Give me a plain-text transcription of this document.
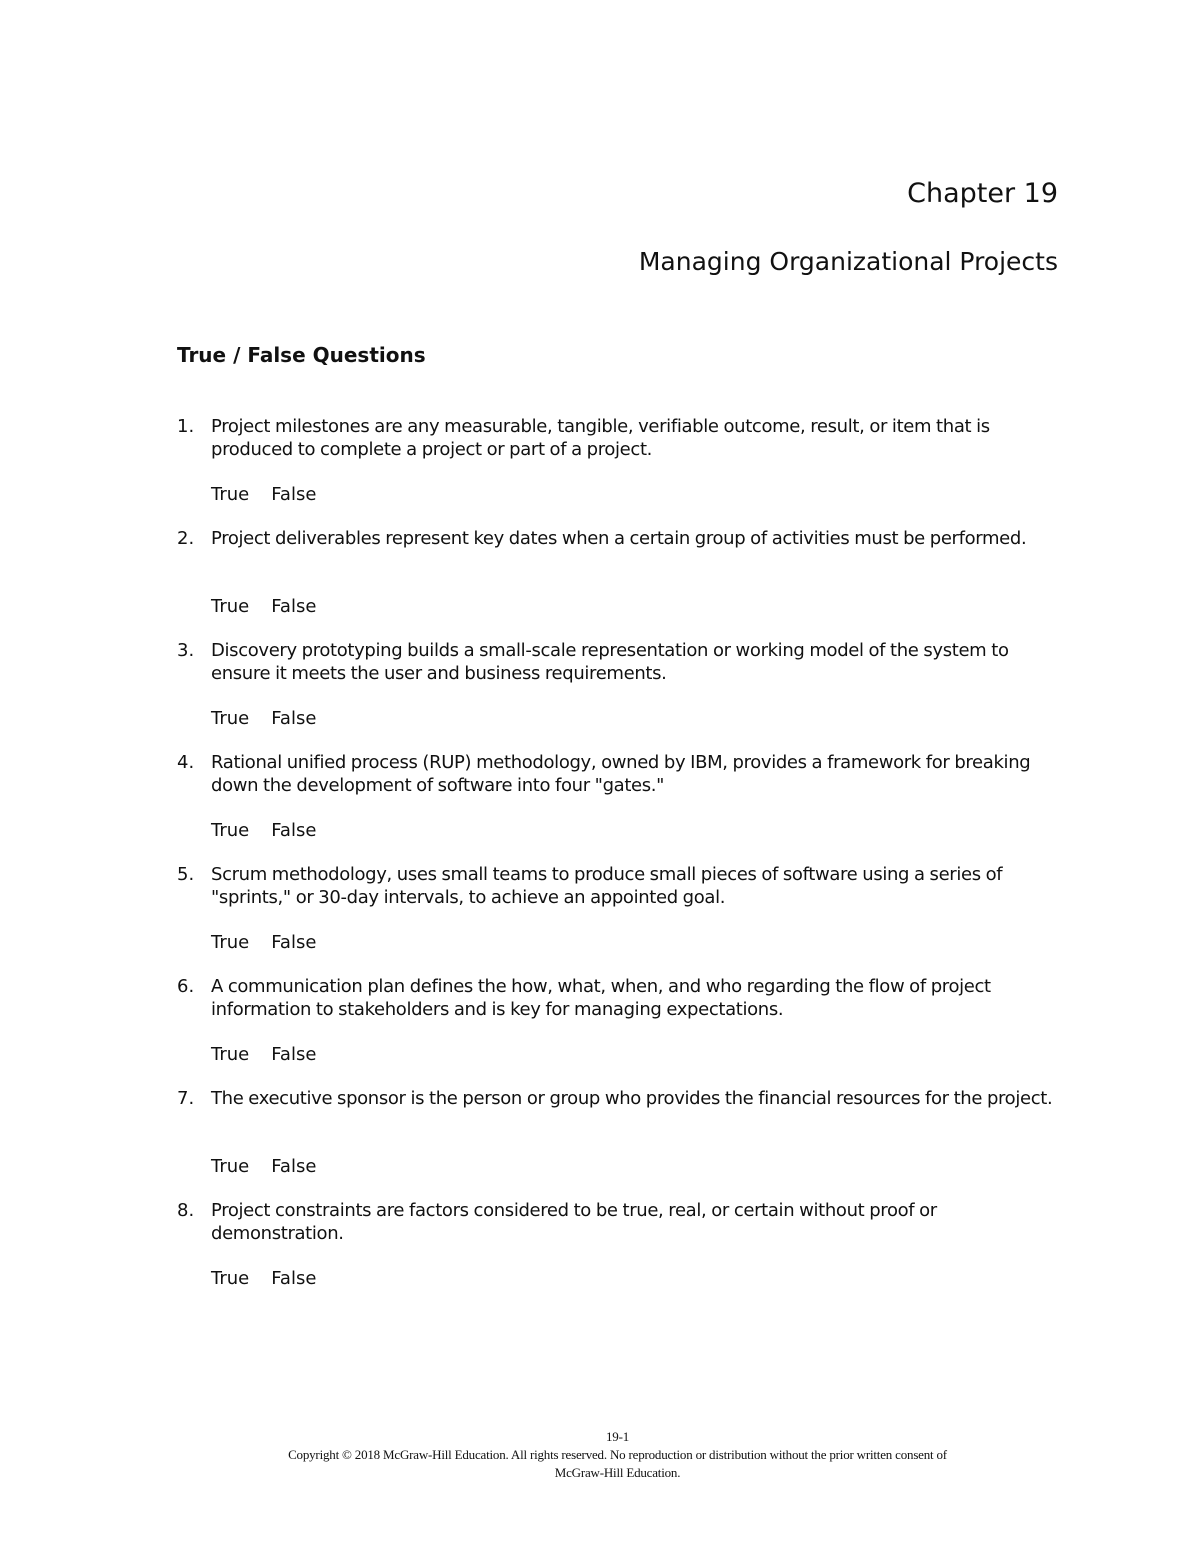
Chapter 19
Managing Organizational Projects
True / False Questions
1. Project milestones are any measurable, tangible, verifiable outcome, result, or item that is produced to complete a project or part of a project.
True False
2. Project deliverables represent key dates when a certain group of activities must be performed.
True False
3. Discovery prototyping builds a small-scale representation or working model of the system to ensure it meets the user and business requirements.
True False
4. Rational unified process (RUP) methodology, owned by IBM, provides a framework for breaking down the development of software into four "gates."
True False
5. Scrum methodology, uses small teams to produce small pieces of software using a series of "sprints," or 30-day intervals, to achieve an appointed goal.
True False
6. A communication plan defines the how, what, when, and who regarding the flow of project information to stakeholders and is key for managing expectations.
True False
7. The executive sponsor is the person or group who provides the financial resources for the project.
True False
8. Project constraints are factors considered to be true, real, or certain without proof or demonstration.
True False
19-1
Copyright © 2018 McGraw-Hill Education. All rights reserved. No reproduction or distribution without the prior written consent of
McGraw-Hill Education.
